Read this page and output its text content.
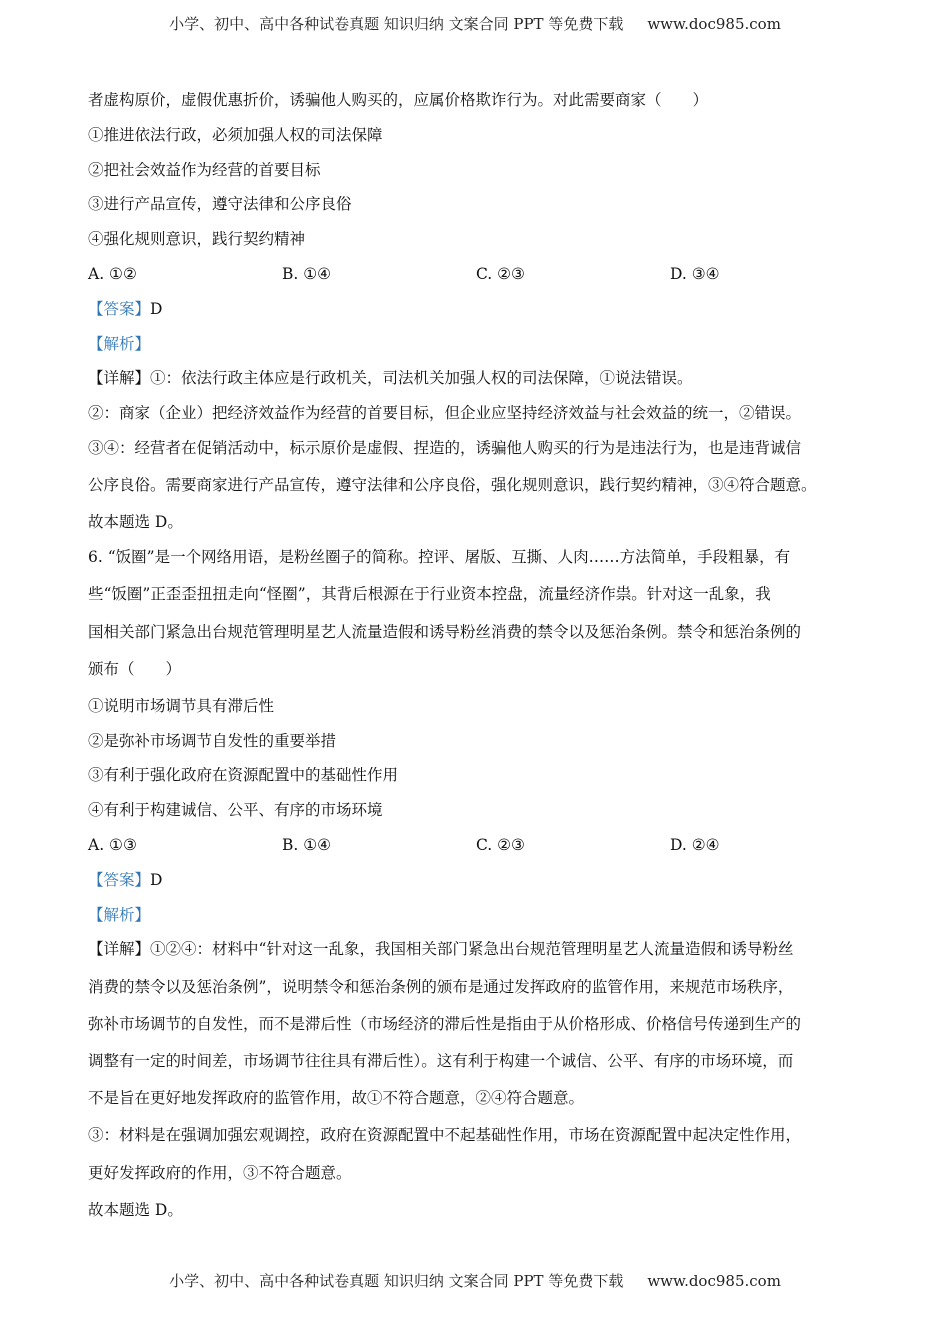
小学、初中、高中各种试卷真题 知识归纳 文案合同 PPT 等免费下载 www.doc985.com
者虚构原价，虚假优惠折价，诱骗他人购买的，应属价格欺诈行为。对此需要商家（　　）
①推进依法行政，必须加强人权的司法保障
②把社会效益作为经营的首要目标
③进行产品宣传，遵守法律和公序良俗
④强化规则意识，践行契约精神
A. ①②	B. ①④	C. ②③	D. ③④
【答案】D
【解析】
【详解】①：依法行政主体应是行政机关，司法机关加强人权的司法保障，①说法错误。
②：商家（企业）把经济效益作为经营的首要目标，但企业应坚持经济效益与社会效益的统一，②错误。
③④：经营者在促销活动中，标示原价是虚假、捏造的，诱骗他人购买的行为是违法行为，也是违背诚信
公序良俗。需要商家进行产品宣传，遵守法律和公序良俗，强化规则意识，践行契约精神，③④符合题意。
故本题选 D。
6. “饭圈”是一个网络用语，是粉丝圈子的简称。控评、屠版、互撕、人肉……方法简单，手段粗暴，有
些“饭圈”正歪歪扭扭走向“怪圈”，其背后根源在于行业资本控盘，流量经济作祟。针对这一乱象，我
国相关部门紧急出台规范管理明星艺人流量造假和诱导粉丝消费的禁令以及惩治条例。禁令和惩治条例的
颁布（　　）
①说明市场调节具有滞后性
②是弥补市场调节自发性的重要举措
③有利于强化政府在资源配置中的基础性作用
④有利于构建诚信、公平、有序的市场环境
A. ①③	B. ①④	C. ②③	D. ②④
【答案】D
【解析】
【详解】①②④：材料中“针对这一乱象，我国相关部门紧急出台规范管理明星艺人流量造假和诱导粉丝
消费的禁令以及惩治条例”，说明禁令和惩治条例的颁布是通过发挥政府的监管作用，来规范市场秩序，
弥补市场调节的自发性，而不是滞后性（市场经济的滞后性是指由于从价格形成、价格信号传递到生产的
调整有一定的时间差，市场调节往往具有滞后性）。这有利于构建一个诚信、公平、有序的市场环境，而
不是旨在更好地发挥政府的监管作用，故①不符合题意，②④符合题意。
③：材料是在强调加强宏观调控，政府在资源配置中不起基础性作用，市场在资源配置中起决定性作用，
更好发挥政府的作用，③不符合题意。
故本题选 D。
小学、初中、高中各种试卷真题 知识归纳 文案合同 PPT 等免费下载 www.doc985.com
